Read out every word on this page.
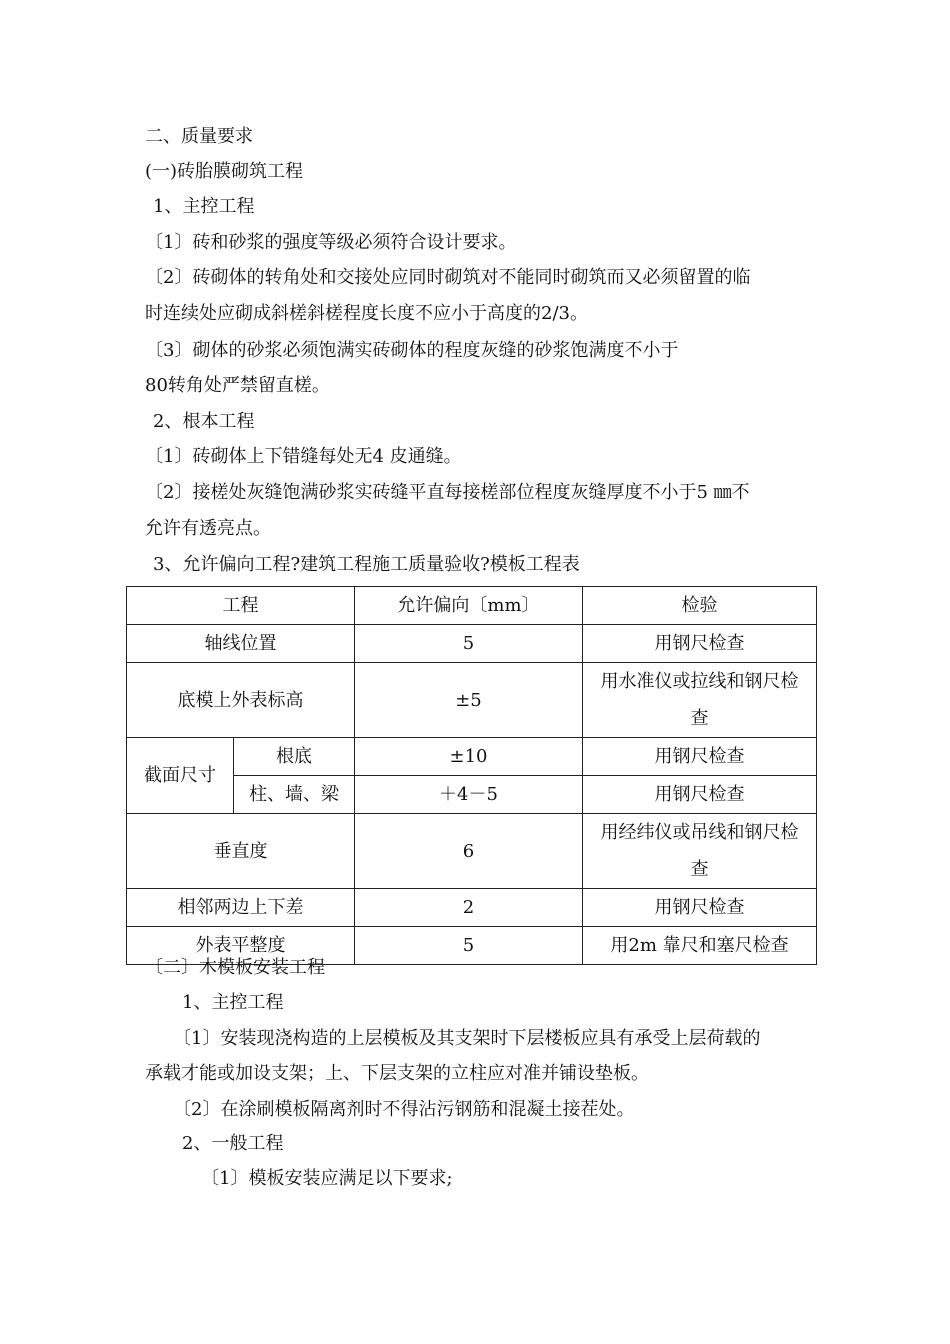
二、质量要求
(一)砖胎膜砌筑工程
1、主控工程
〔1〕砖和砂浆的强度等级必须符合设计要求。
〔2〕砖砌体的转角处和交接处应同时砌筑对不能同时砌筑而又必须留置的临
时连续处应砌成斜槎斜槎程度长度不应小于高度的2/3。
〔3〕砌体的砂浆必须饱满实砖砌体的程度灰缝的砂浆饱满度不小于
80转角处严禁留直槎。
2、根本工程
〔1〕砖砌体上下错缝每处无4 皮通缝。
〔2〕接槎处灰缝饱满砂浆实砖缝平直每接槎部位程度灰缝厚度不小于5 ㎜不
允许有透亮点。
3、允许偏向工程?建筑工程施工质量验收?模板工程表
工程		允许偏向〔mm〕	检验
轴线位置		5	用钢尺检查
底模上外表标高		±5	用水准仪或拉线和钢尺检
查

截面尺寸	根底	±10	用钢尺检查
	柱、墙、梁	＋4－5	用钢尺检查
垂直度		6	用经纬仪或吊线和钢尺检
查

相邻两边上下差		2	用钢尺检查
外表平整度		5	用2m 靠尺和塞尺检查
〔二〕木模板安装工程
1、主控工程
〔1〕安装现浇构造的上层模板及其支架时下层楼板应具有承受上层荷载的
承载才能或加设支架；上、下层支架的立柱应对准并铺设垫板。
〔2〕在涂刷模板隔离剂时不得沾污钢筋和混凝土接茬处。
2、一般工程
〔1〕模板安装应满足以下要求;
